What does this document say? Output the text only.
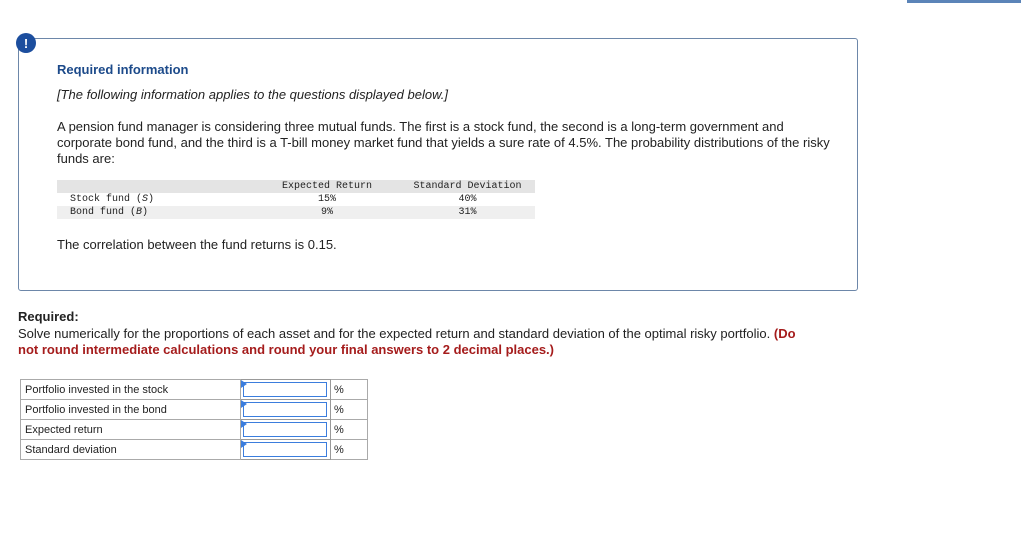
Required information
[The following information applies to the questions displayed below.]
A pension fund manager is considering three mutual funds. The first is a stock fund, the second is a long-term government and corporate bond fund, and the third is a T-bill money market fund that yields a sure rate of 4.5%. The probability distributions of the risky funds are:
	Expected Return		Standard Deviation
Stock fund (S)	15%		40%
Bond fund (B)	9%		31%
The correlation between the fund returns is 0.15.
!
Required:
Solve numerically for the proportions of each asset and for the expected return and standard deviation of the optimal risky portfolio. (Do not round intermediate calculations and round your final answers to 2 decimal places.)
Portfolio invested in the stock		%
Portfolio invested in the bond		%
Expected return		%
Standard deviation		%
